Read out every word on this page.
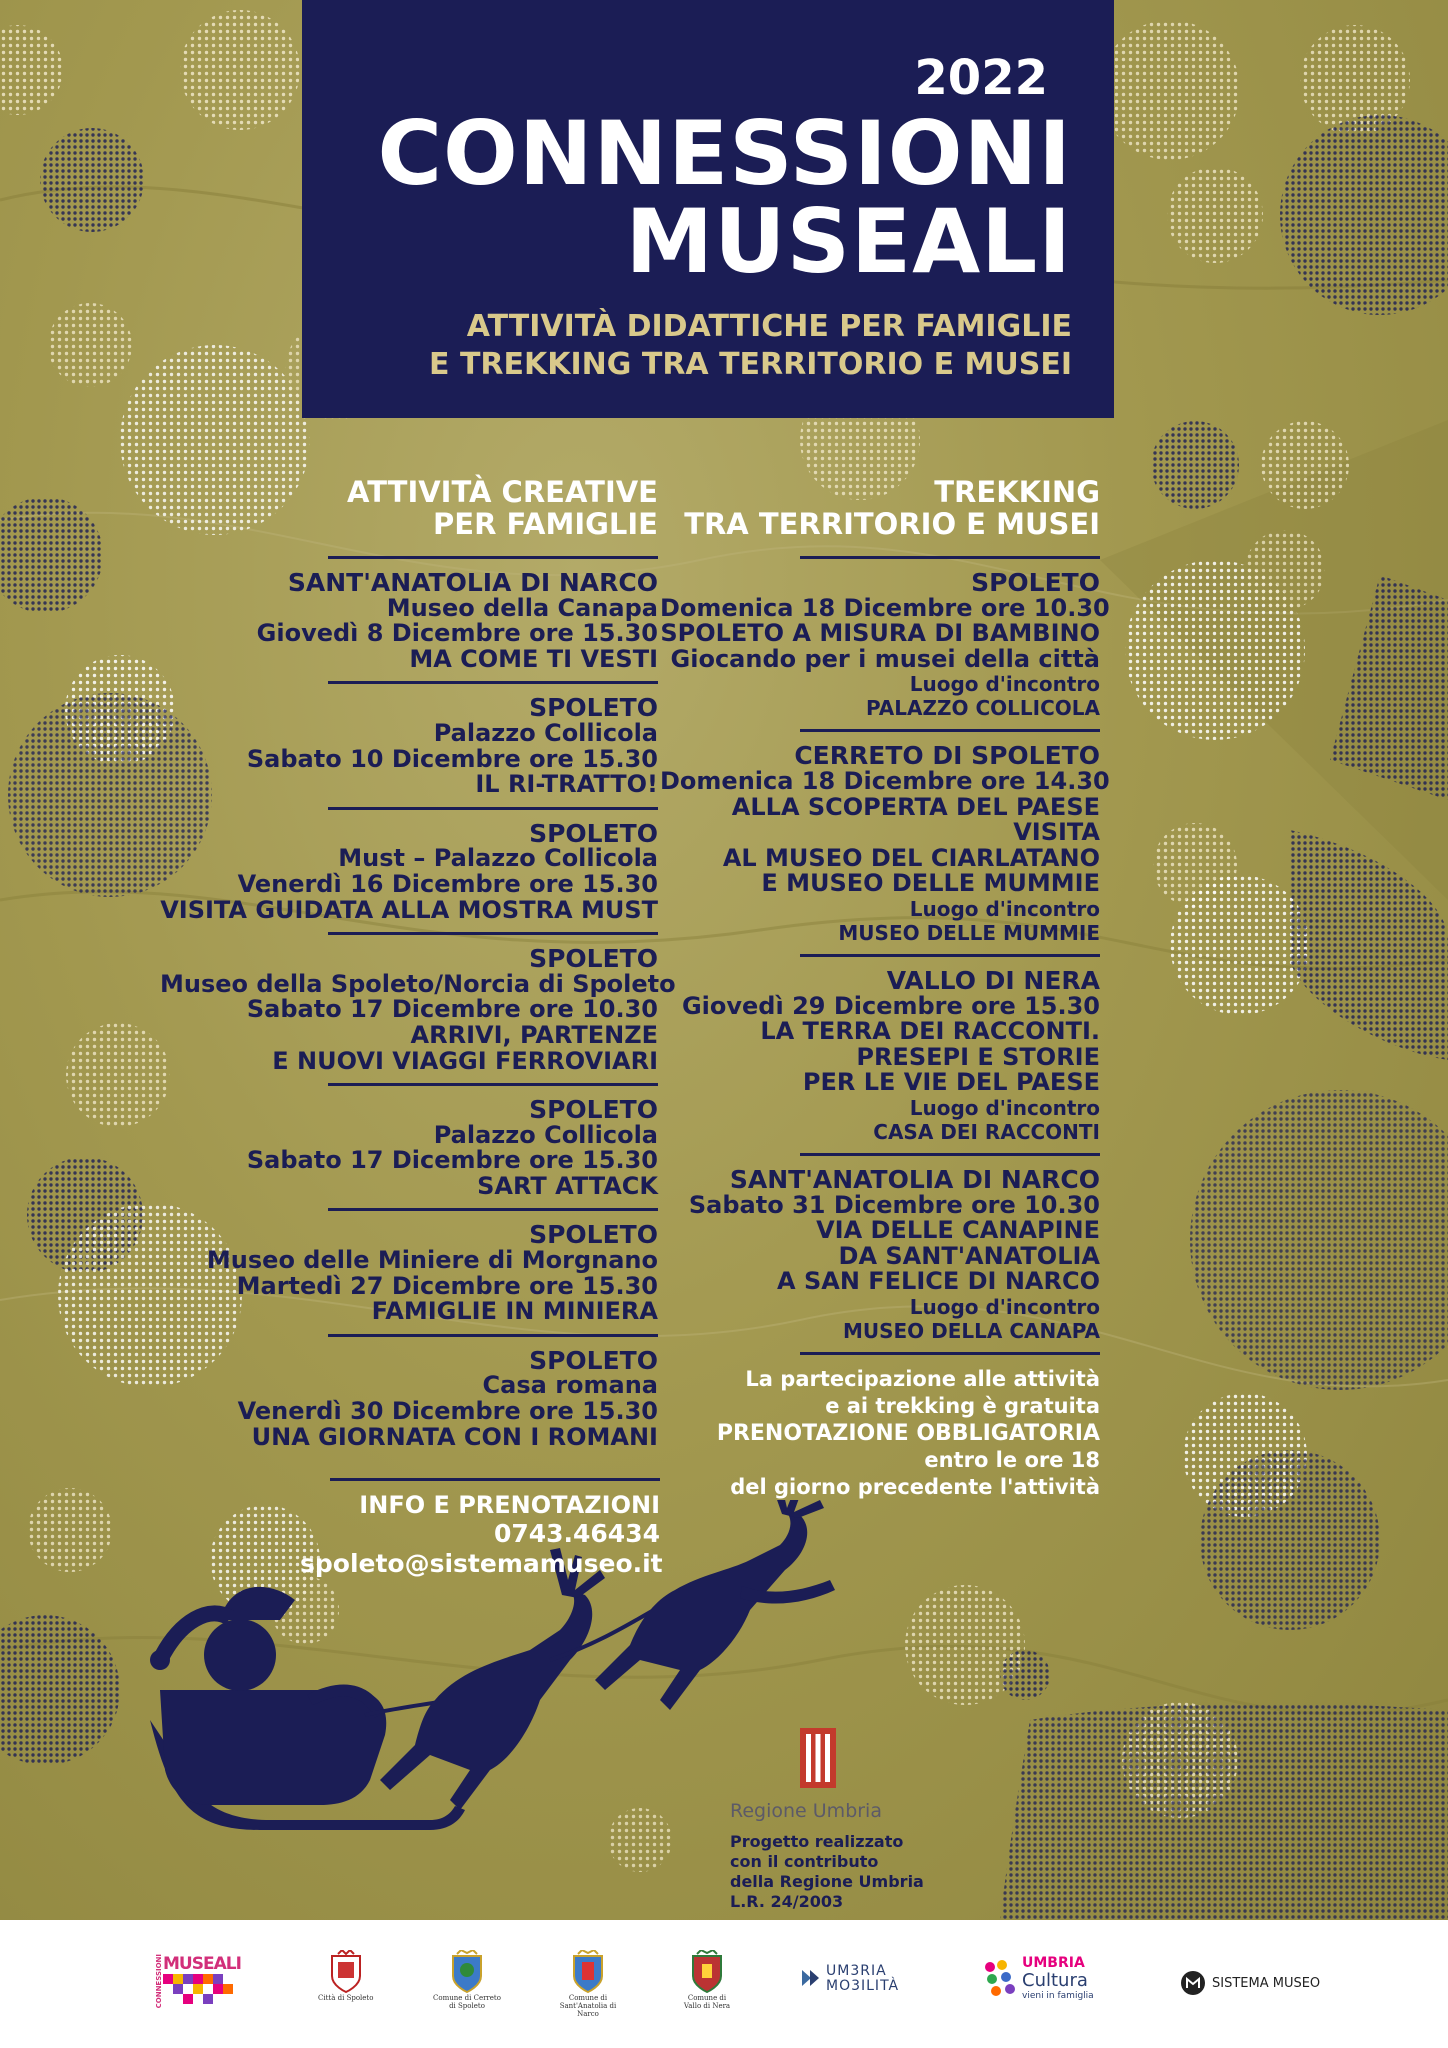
2022
CONNESSIONI
MUSEALI
ATTIVITÀ DIDATTICHE PER FAMIGLIE
E TREKKING TRA TERRITORIO E MUSEI
ATTIVITÀ CREATIVE
PER FAMIGLIE
SANT'ANATOLIA DI NARCO
Museo della Canapa
Giovedì 8 Dicembre ore 15.30
MA COME TI VESTI
SPOLETO
Palazzo Collicola
Sabato 10 Dicembre ore 15.30
IL RI-TRATTO!
SPOLETO
Must – Palazzo Collicola
Venerdì 16 Dicembre ore 15.30
VISITA GUIDATA ALLA MOSTRA MUST
SPOLETO
Museo della Spoleto/Norcia di Spoleto
Sabato 17 Dicembre ore 10.30
ARRIVI, PARTENZE
E NUOVI VIAGGI FERROVIARI
SPOLETO
Palazzo Collicola
Sabato 17 Dicembre ore 15.30
SART ATTACK
SPOLETO
Museo delle Miniere di Morgnano
Martedì 27 Dicembre ore 15.30
FAMIGLIE IN MINIERA
SPOLETO
Casa romana
Venerdì 30 Dicembre ore 15.30
UNA GIORNATA CON I ROMANI
TREKKING
TRA TERRITORIO E MUSEI
SPOLETO
Domenica 18 Dicembre ore 10.30
SPOLETO A MISURA DI BAMBINO
Giocando per i musei della città
Luogo d'incontro
PALAZZO COLLICOLA
CERRETO DI SPOLETO
Domenica 18 Dicembre ore 14.30
ALLA SCOPERTA DEL PAESE
VISITA
AL MUSEO DEL CIARLATANO
E MUSEO DELLE MUMMIE
Luogo d'incontro
MUSEO DELLE MUMMIE
VALLO DI NERA
Giovedì 29 Dicembre ore 15.30
LA TERRA DEI RACCONTI.
PRESEPI E STORIE
PER LE VIE DEL PAESE
Luogo d'incontro
CASA DEI RACCONTI
SANT'ANATOLIA DI NARCO
Sabato 31 Dicembre ore 10.30
VIA DELLE CANAPINE
DA SANT'ANATOLIA
A SAN FELICE DI NARCO
Luogo d'incontro
MUSEO DELLA CANAPA
La partecipazione alle attività
e ai trekking è gratuita
PRENOTAZIONE OBBLIGATORIA
entro le ore 18
del giorno precedente l'attività
INFO E PRENOTAZIONI
0743.46434
spoleto@sistemamuseo.it
Regione Umbria
Progetto realizzato
con il contributo
della Regione Umbria
L.R. 24/2003
CONNESSIONI MUSEALI
Città di Spoleto	Comune di Cerreto di Spoleto
Comune di Sant'Anatolia di Narco
Comune di Vallo di Nera
UM3RIA
MO3ILITÀ
UMBRIA
Cultura
vieni in famiglia
SISTEMA MUSEO
